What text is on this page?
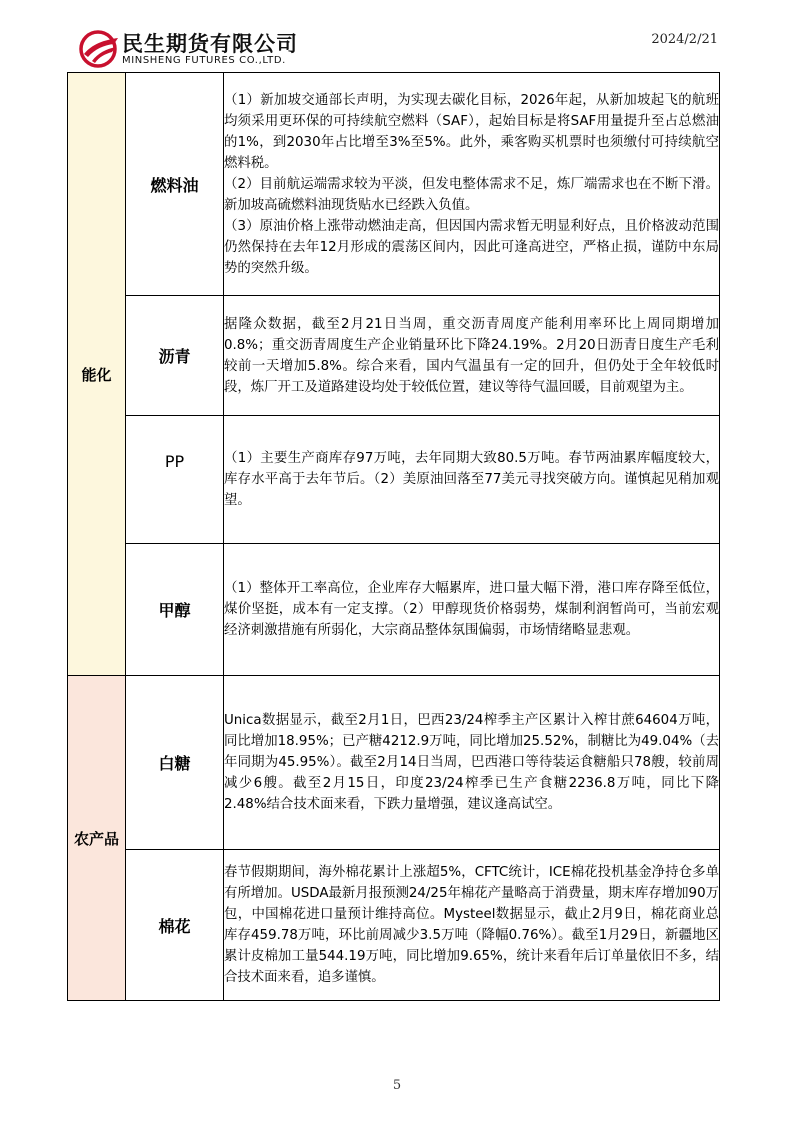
民生期货有限公司
MINSHENG FUTURES CO.,LTD.
2024/2/21
能化	燃料油	（1）新加坡交通部长声明，为实现去碳化目标，2026年起，从新加坡起飞的航班均须采用更环保的可持续航空燃料（SAF），起始目标是将SAF用量提升至占总燃油的1%，到2030年占比增至3%至5%。此外，乘客购买机票时也须缴付可持续航空燃料税。

（2）目前航运端需求较为平淡，但发电整体需求不足，炼厂端需求也在不断下滑。新加坡高硫燃料油现货贴水已经跌入负值。

（3）原油价格上涨带动燃油走高，但因国内需求暂无明显利好点，且价格波动范围仍然保持在去年12月形成的震荡区间内，因此可逢高进空，严格止损，谨防中东局势的突然升级。

	沥青	据隆众数据，截至2月21日当周，重交沥青周度产能利用率环比上周同期增加0.8%；重交沥青周度生产企业销量环比下降24.19%。2月20日沥青日度生产毛利较前一天增加5.8%。综合来看，国内气温虽有一定的回升，但仍处于全年较低时段，炼厂开工及道路建设均处于较低位置，建议等待气温回暖，目前观望为主。
	PP	（1）主要生产商库存97万吨，去年同期大致80.5万吨。春节两油累库幅度较大，库存水平高于去年节后。（2）美原油回落至77美元寻找突破方向。谨慎起见稍加观望。
	甲醇	（1）整体开工率高位，企业库存大幅累库，进口量大幅下滑，港口库存降至低位，煤价坚挺，成本有一定支撑。（2）甲醇现货价格弱势，煤制利润暂尚可，当前宏观经济刺激措施有所弱化，大宗商品整体氛围偏弱，市场情绪略显悲观。
农产品	白糖	Unica数据显示，截至2月1日，巴西23/24榨季主产区累计入榨甘蔗64604万吨，同比增加18.95%；已产糖4212.9万吨，同比增加25.52%，制糖比为49.04%（去年同期为45.95%）。截至2月14日当周，巴西港口等待装运食糖船只78艘，较前周减少6艘。截至2月15日，印度23/24榨季已生产食糖2236.8万吨，同比下降2.48%结合技术面来看，下跌力量增强，建议逢高试空。
	棉花	春节假期期间，海外棉花累计上涨超5%，CFTC统计，ICE棉花投机基金净持仓多单有所增加。USDA最新月报预测24/25年棉花产量略高于消费量，期末库存增加90万包，中国棉花进口量预计维持高位。Mysteel数据显示，截止2月9日，棉花商业总库存459.78万吨，环比前周减少3.5万吨（降幅0.76%）。截至1月29日，新疆地区累计皮棉加工量544.19万吨，同比增加9.65%，统计来看年后订单量依旧不多，结合技术面来看，追多谨慎。
5
